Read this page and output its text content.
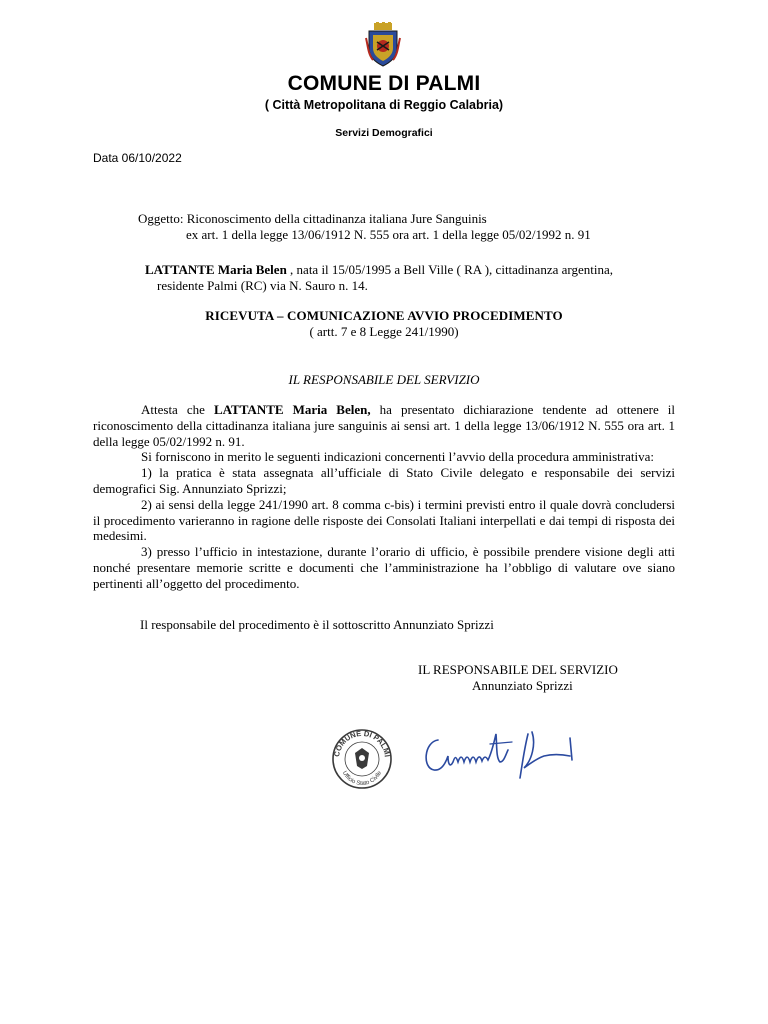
COMUNE DI PALMI
( Città Metropolitana di Reggio Calabria)
Servizi Demografici
Data 06/10/2022
Oggetto: Riconoscimento della cittadinanza italiana Jure Sanguinis
ex art. 1 della legge 13/06/1912 N. 555 ora art. 1 della legge 05/02/1992 n. 91
LATTANTE Maria Belen , nata il 15/05/1995 a Bell Ville ( RA ), cittadinanza argentina,
residente Palmi (RC) via N. Sauro n. 14.
RICEVUTA – COMUNICAZIONE AVVIO PROCEDIMENTO
( artt. 7 e 8 Legge 241/1990)
IL RESPONSABILE DEL SERVIZIO

Attesta che LATTANTE Maria Belen, ha presentato dichiarazione tendente ad ottenere il riconoscimento della cittadinanza italiana jure sanguinis ai sensi art. 1 della legge 13/06/1912 N. 555 ora art. 1 della legge 05/02/1992 n. 91.

Si forniscono in merito le seguenti indicazioni concernenti l’avvio della procedura amministrativa:

1) la pratica è stata assegnata all’ufficiale di Stato Civile delegato e responsabile dei servizi demografici Sig. Annunziato Sprizzi;

2) ai sensi della legge 241/1990 art. 8 comma c-bis) i termini previsti entro il quale dovrà concludersi il procedimento varieranno in ragione delle risposte dei Consolati Italiani interpellati e dai tempi di risposta dei medesimi.

3) presso l’ufficio in intestazione, durante l’orario di ufficio, è possibile prendere visione degli atti nonché presentare memorie scritte e documenti che l’amministrazione ha l’obbligo di valutare ove siano pertinenti all’oggetto del procedimento.

Il responsabile del procedimento è il sottoscritto Annunziato Sprizzi
IL RESPONSABILE DEL SERVIZIO
Annunziato Sprizzi
COMUNE DI PALMI
Ufficio Stato Civile
